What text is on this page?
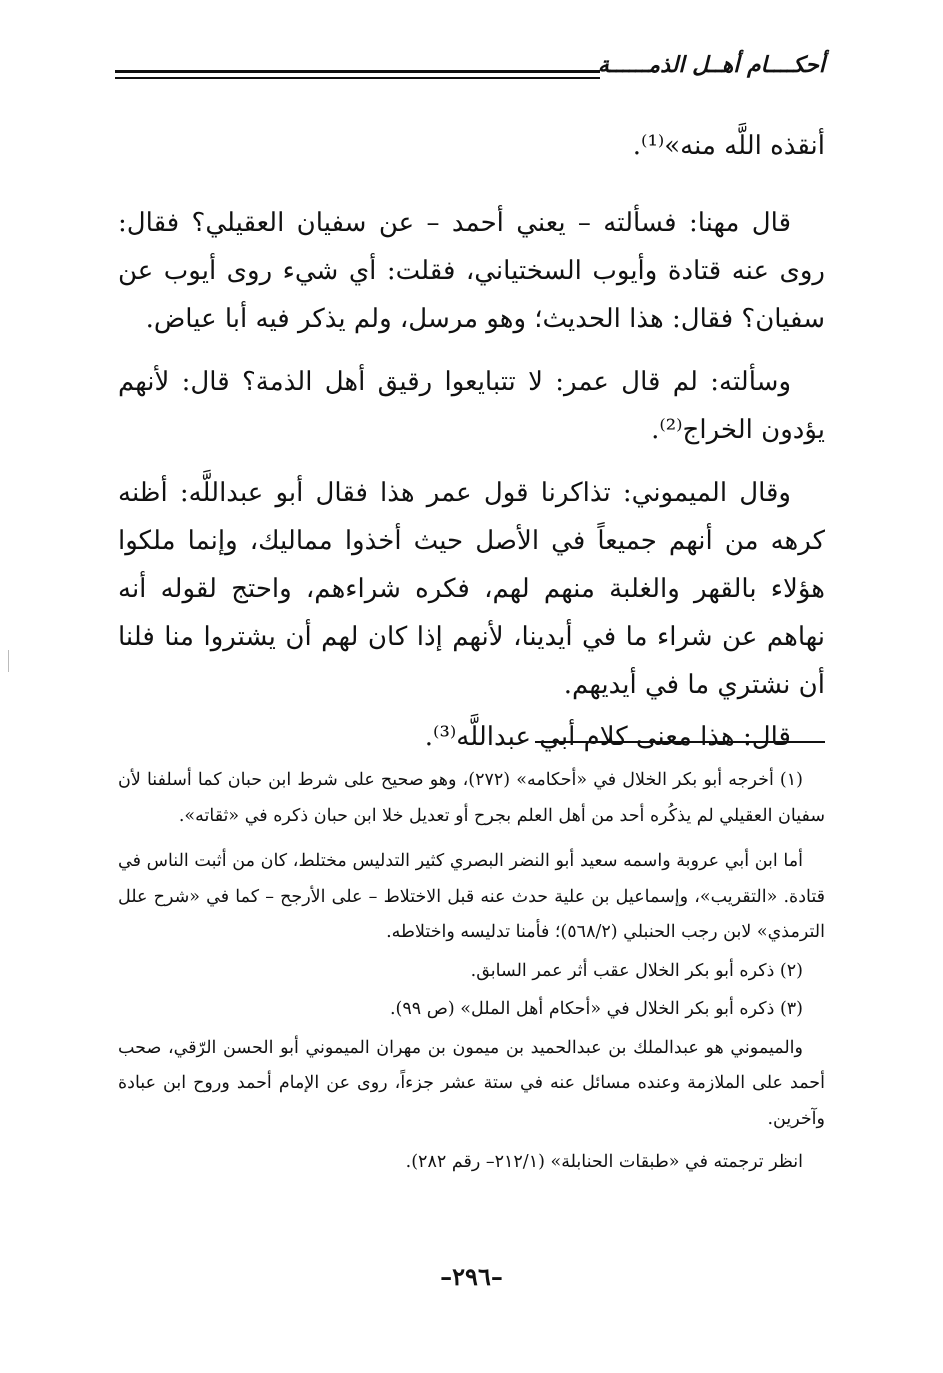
أحكــــام أهــل الذمــــــة

أنقذه اللَّه منه»⁽¹⁾.

قال مهنا: فسألته – يعني أحمد – عن سفيان العقيلي؟ فقال: روى عنه قتادة وأيوب السختياني، فقلت: أي شيء روى أيوب عن سفيان؟ فقال: هذا الحديث؛ وهو مرسل، ولم يذكر فيه أبا عياض.

وسألته: لم قال عمر: لا تتبايعوا رقيق أهل الذمة؟ قال: لأنهم يؤدون الخراج⁽²⁾.

وقال الميموني: تذاكرنا قول عمر هذا فقال أبو عبداللَّه: أظنه كرهه من أنهم جميعاً في الأصل حيث أخذوا مماليك، وإنما ملكوا هؤلاء بالقهر والغلبة منهم لهم، فكره شراءهم، واحتج لقوله أنه نهاهم عن شراء ما في أيدينا، لأنهم إذا كان لهم أن يشتروا منا فلنا أن نشتري ما في أيديهم.

قال: هذا معنى كلام أبي عبداللَّه⁽³⁾.

(١) أخرجه أبو بكر الخلال في «أحكامه» (٢٧٢)، وهو صحيح على شرط ابن حبان كما أسلفنا لأن سفيان العقيلي لم يذكُره أحد من أهل العلم بجرح أو تعديل خلا ابن حبان ذكره في «ثقاته».

أما ابن أبي عروبة واسمه سعيد أبو النضر البصري كثير التدليس مختلط، كان من أثبت الناس في قتادة. «التقريب»، وإسماعيل بن علية حدث عنه قبل الاختلاط – على الأرجح – كما في «شرح علل الترمذي» لابن رجب الحنبلي (٥٦٨/٢)؛ فأمنا تدليسه واختلاطه.

(٢) ذكره أبو بكر الخلال عقب أثر عمر السابق.

(٣) ذكره أبو بكر الخلال في «أحكام أهل الملل» (ص ٩٩).

والميموني هو عبدالملك بن عبدالحميد بن ميمون بن مهران الميموني أبو الحسن الرّقي، صحب أحمد على الملازمة وعنده مسائل عنه في ستة عشر جزءاً، روى عن الإمام أحمد وروح ابن عبادة وآخرين.

انظر ترجمته في «طبقات الحنابلة» (٢١٢/١– رقم ٢٨٢).

–٢٩٦–
